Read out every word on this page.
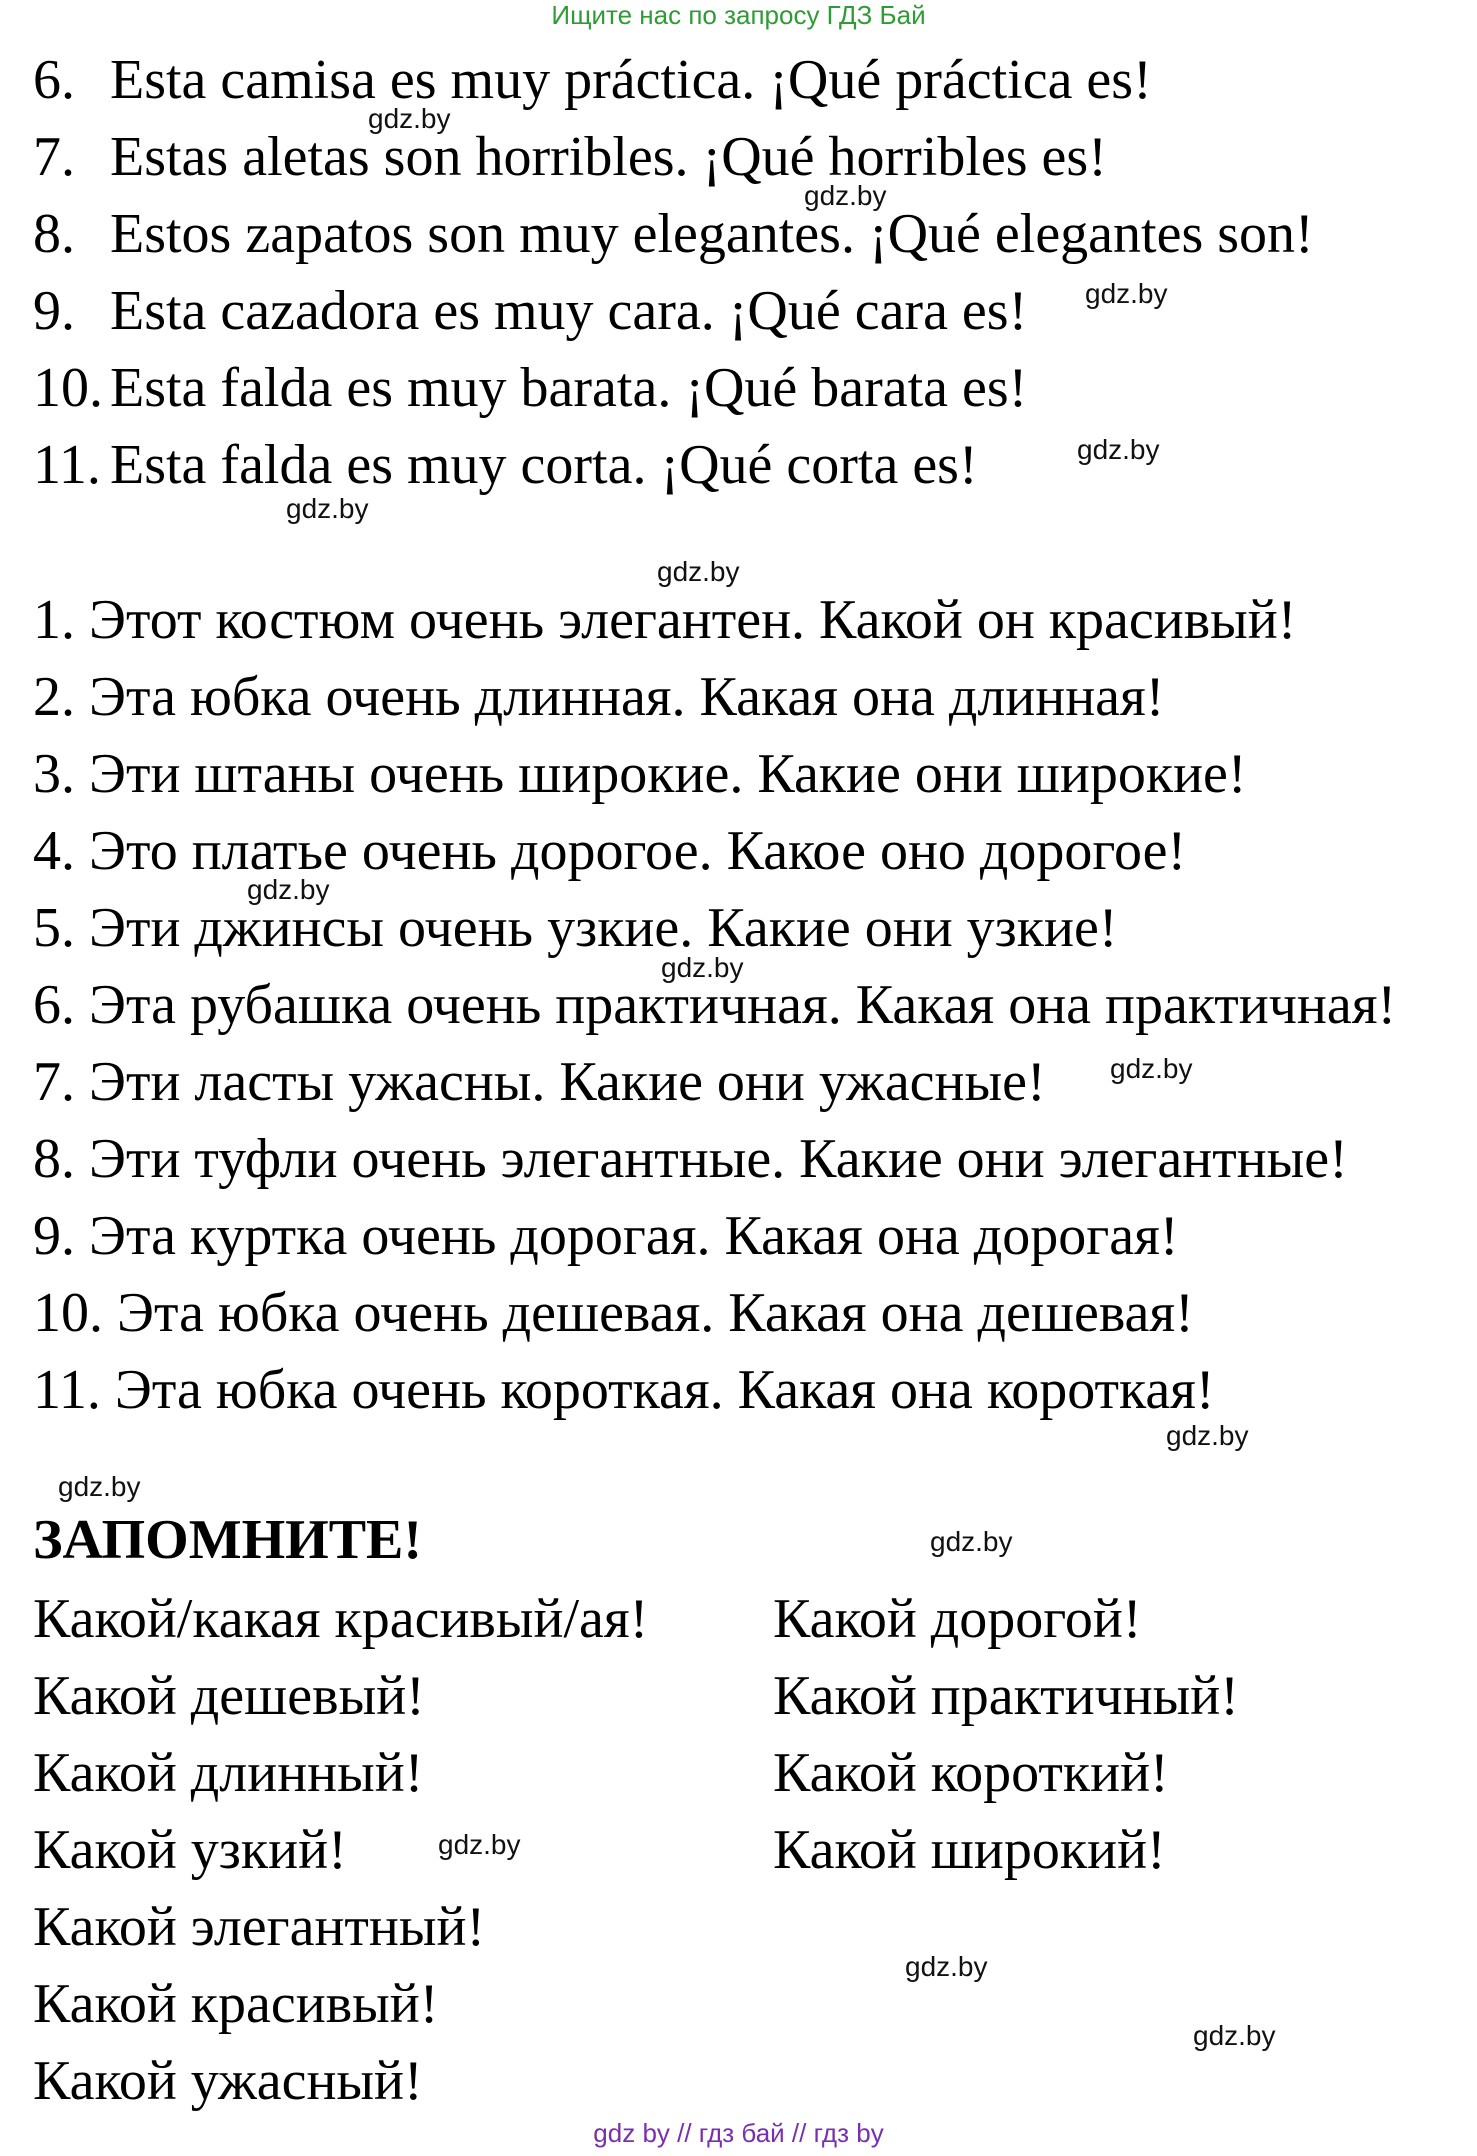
Ищите нас по запросу ГДЗ Бай
6. Esta camisa es muy práctica. ¡Qué práctica es!
7. Estas aletas son horribles. ¡Qué horribles es!
8. Estos zapatos son muy elegantes. ¡Qué elegantes son!
9. Esta cazadora es muy cara. ¡Qué cara es!
10. Esta falda es muy barata. ¡Qué barata es!
11. Esta falda es muy corta. ¡Qué corta es!
1. Этот костюм очень элегантен. Какой он красивый!
2. Эта юбка очень длинная. Какая она длинная!
3. Эти штаны очень широкие. Какие они широкие!
4. Это платье очень дорогое. Какое оно дорогое!
5. Эти джинсы очень узкие. Какие они узкие!
6. Эта рубашка очень практичная. Какая она практичная!
7. Эти ласты ужасны. Какие они ужасные!
8. Эти туфли очень элегантные. Какие они элегантные!
9. Эта куртка очень дорогая. Какая она дорогая!
10. Эта юбка очень дешевая. Какая она дешевая!
11. Эта юбка очень короткая. Какая она короткая!
ЗАПОМНИТЕ!
Какой/какая красивый/ая!
Какой дешевый!
Какой длинный!
Какой узкий!
Какой элегантный!
Какой красивый!
Какой ужасный!
Какой дорогой!
Какой практичный!
Какой короткий!
Какой широкий!
gdz.by
gdz.by
gdz.by
gdz.by
gdz.by
gdz.by
gdz.by
gdz.by
gdz.by
gdz.by
gdz.by
gdz.by
gdz.by
gdz.by
gdz.by
gdz by // гдз бай // гдз by
